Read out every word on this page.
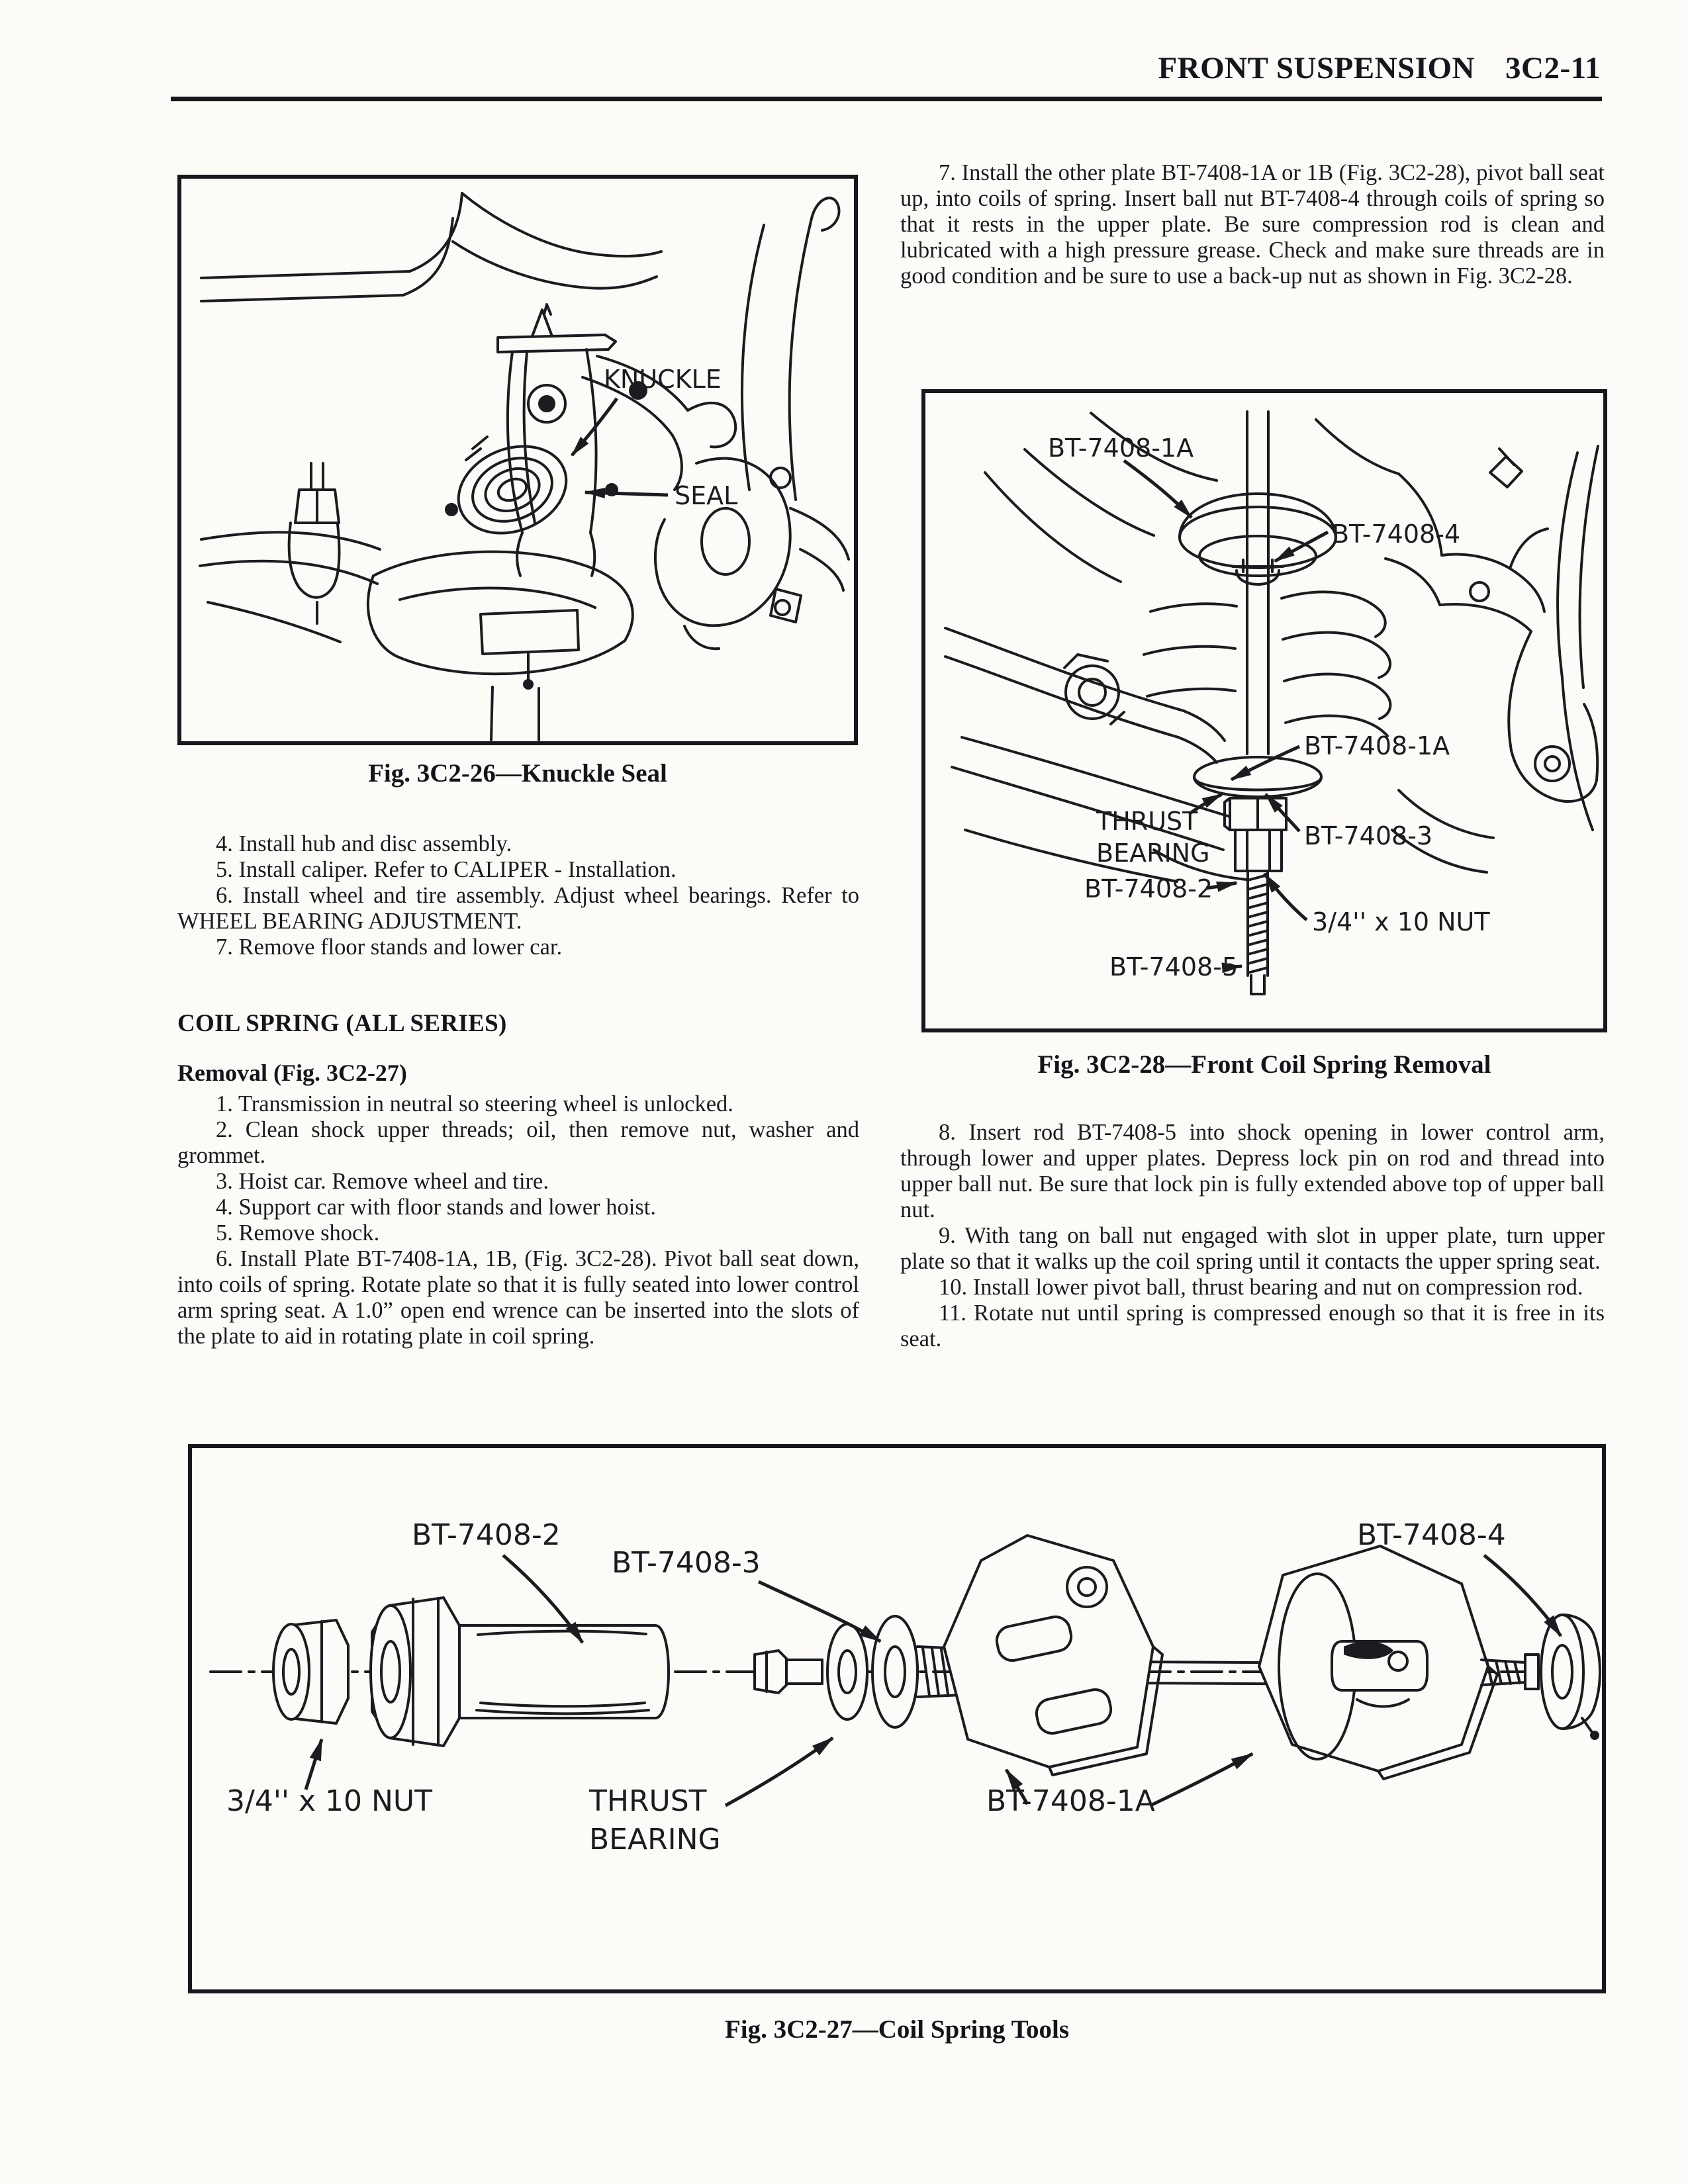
FRONT SUSPENSION 3C2-11
KNUCKLE
SEAL
Fig. 3C2-26—Knuckle Seal

4. Install hub and disc assembly.

5. Install caliper. Refer to CALIPER - Installation.

6. Install wheel and tire assembly. Adjust wheel bearings. Refer to WHEEL BEARING ADJUSTMENT.

7. Remove floor stands and lower car.

COIL SPRING (ALL SERIES)
Removal (Fig. 3C2-27)

1. Transmission in neutral so steering wheel is unlocked.

2. Clean shock upper threads; oil, then remove nut, washer and grommet.

3. Hoist car. Remove wheel and tire.

4. Support car with floor stands and lower hoist.

5. Remove shock.

6. Install Plate BT-7408-1A, 1B, (Fig. 3C2-28). Pivot ball seat down, into coils of spring. Rotate plate so that it is fully seated into lower control arm spring seat. A 1.0” open end wrence can be inserted into the slots of the plate to aid in rotating plate in coil spring.

7. Install the other plate BT-7408-1A or 1B (Fig. 3C2-28), pivot ball seat up, into coils of spring. Insert ball nut BT-7408-4 through coils of spring so that it rests in the upper plate. Be sure compression rod is clean and lubricated with a high pressure grease. Check and make sure threads are in good condition and be sure to use a back-up nut as shown in Fig. 3C2-28.

BT-7408-1A
BT-7408-4
BT-7408-1A
THRUST
BEARING
BT-7408-3
BT-7408-2
3/4'' x 10 NUT
BT-7408-5
Fig. 3C2-28—Front Coil Spring Removal

8. Insert rod BT-7408-5 into shock opening in lower control arm, through lower and upper plates. Depress lock pin on rod and thread into upper ball nut. Be sure that lock pin is fully extended above top of upper ball nut.

9. With tang on ball nut engaged with slot in upper plate, turn upper plate so that it walks up the coil spring until it contacts the upper spring seat.

10. Install lower pivot ball, thrust bearing and nut on compression rod.

11. Rotate nut until spring is compressed enough so that it is free in its seat.

BT-7408-2
BT-7408-3
BT-7408-4
3/4'' x 10 NUT	THRUST
BEARING
BT-7408-1A
Fig. 3C2-27—Coil Spring Tools
